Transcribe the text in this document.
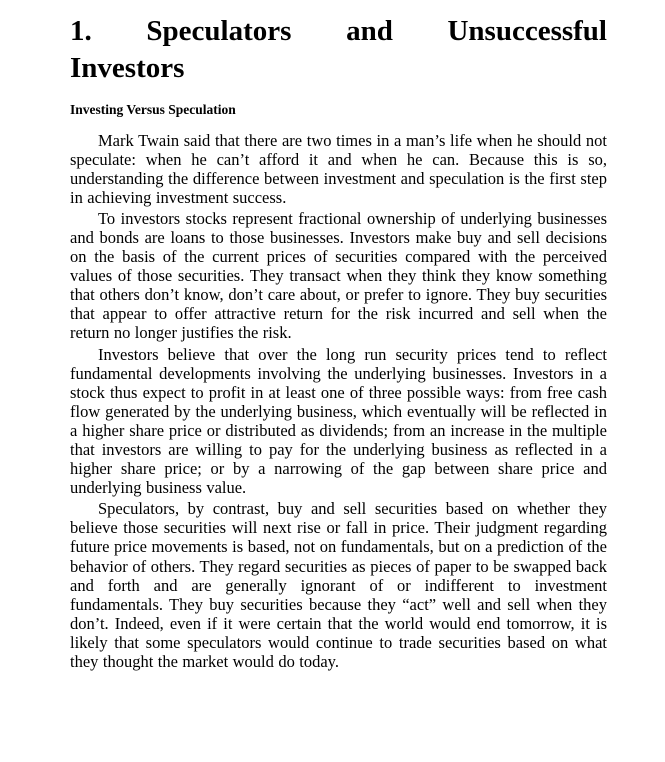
1. Speculators and Unsuccessful
Investors
Investing Versus Speculation

Mark Twain said that there are two times in a man’s life when he should not speculate: when he can’t afford it and when he can. Because this is so, understanding the difference between investment and speculation is the first step in achieving investment success.

To investors stocks represent fractional ownership of underlying businesses and bonds are loans to those businesses. Investors make buy and sell decisions on the basis of the current prices of securities compared with the perceived values of those securities. They transact when they think they know something that others don’t know, don’t care about, or prefer to ignore. They buy securities that appear to offer attractive return for the risk incurred and sell when the return no longer justifies the risk.

Investors believe that over the long run security prices tend to reflect fundamental developments involving the underlying businesses. Investors in a stock thus expect to profit in at least one of three possible ways: from free cash flow generated by the underlying business, which eventually will be reflected in a higher share price or distributed as dividends; from an increase in the multiple that investors are willing to pay for the underlying business as reflected in a higher share price; or by a narrowing of the gap between share price and underlying business value.

Speculators, by contrast, buy and sell securities based on whether they believe those securities will next rise or fall in price. Their judgment regarding future price movements is based, not on fundamentals, but on a prediction of the behavior of others. They regard securities as pieces of paper to be swapped back and forth and are generally ignorant of or indifferent to investment fundamentals. They buy securities because they “act” well and sell when they don’t. Indeed, even if it were certain that the world would end tomorrow, it is likely that some speculators would continue to trade securities based on what they thought the market would do today.
